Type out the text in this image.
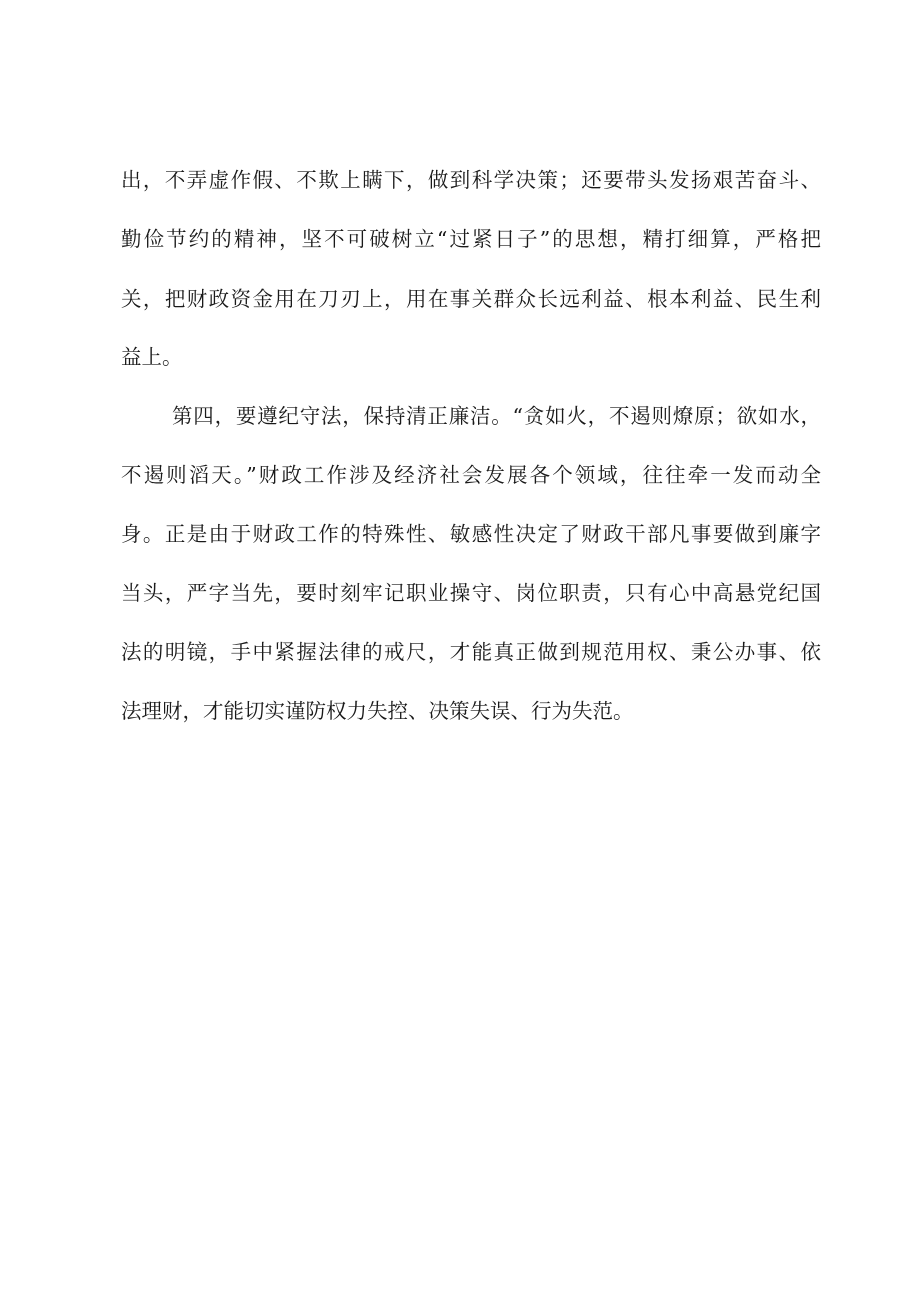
出，不弄虚作假、不欺上瞒下，做到科学决策；还要带头发扬艰苦奋斗、
勤俭节约的精神，坚不可破树立“过紧日子”的思想，精打细算，严格把
关，把财政资金用在刀刃上，用在事关群众长远利益、根本利益、民生利
益上。
第四，要遵纪守法，保持清正廉洁。“贪如火，不遏则燎原；欲如水，
不遏则滔天。”财政工作涉及经济社会发展各个领域，往往牵一发而动全
身。正是由于财政工作的特殊性、敏感性决定了财政干部凡事要做到廉字
当头，严字当先，要时刻牢记职业操守、岗位职责，只有心中高悬党纪国
法的明镜，手中紧握法律的戒尺，才能真正做到规范用权、秉公办事、依
法理财，才能切实谨防权力失控、决策失误、行为失范。
